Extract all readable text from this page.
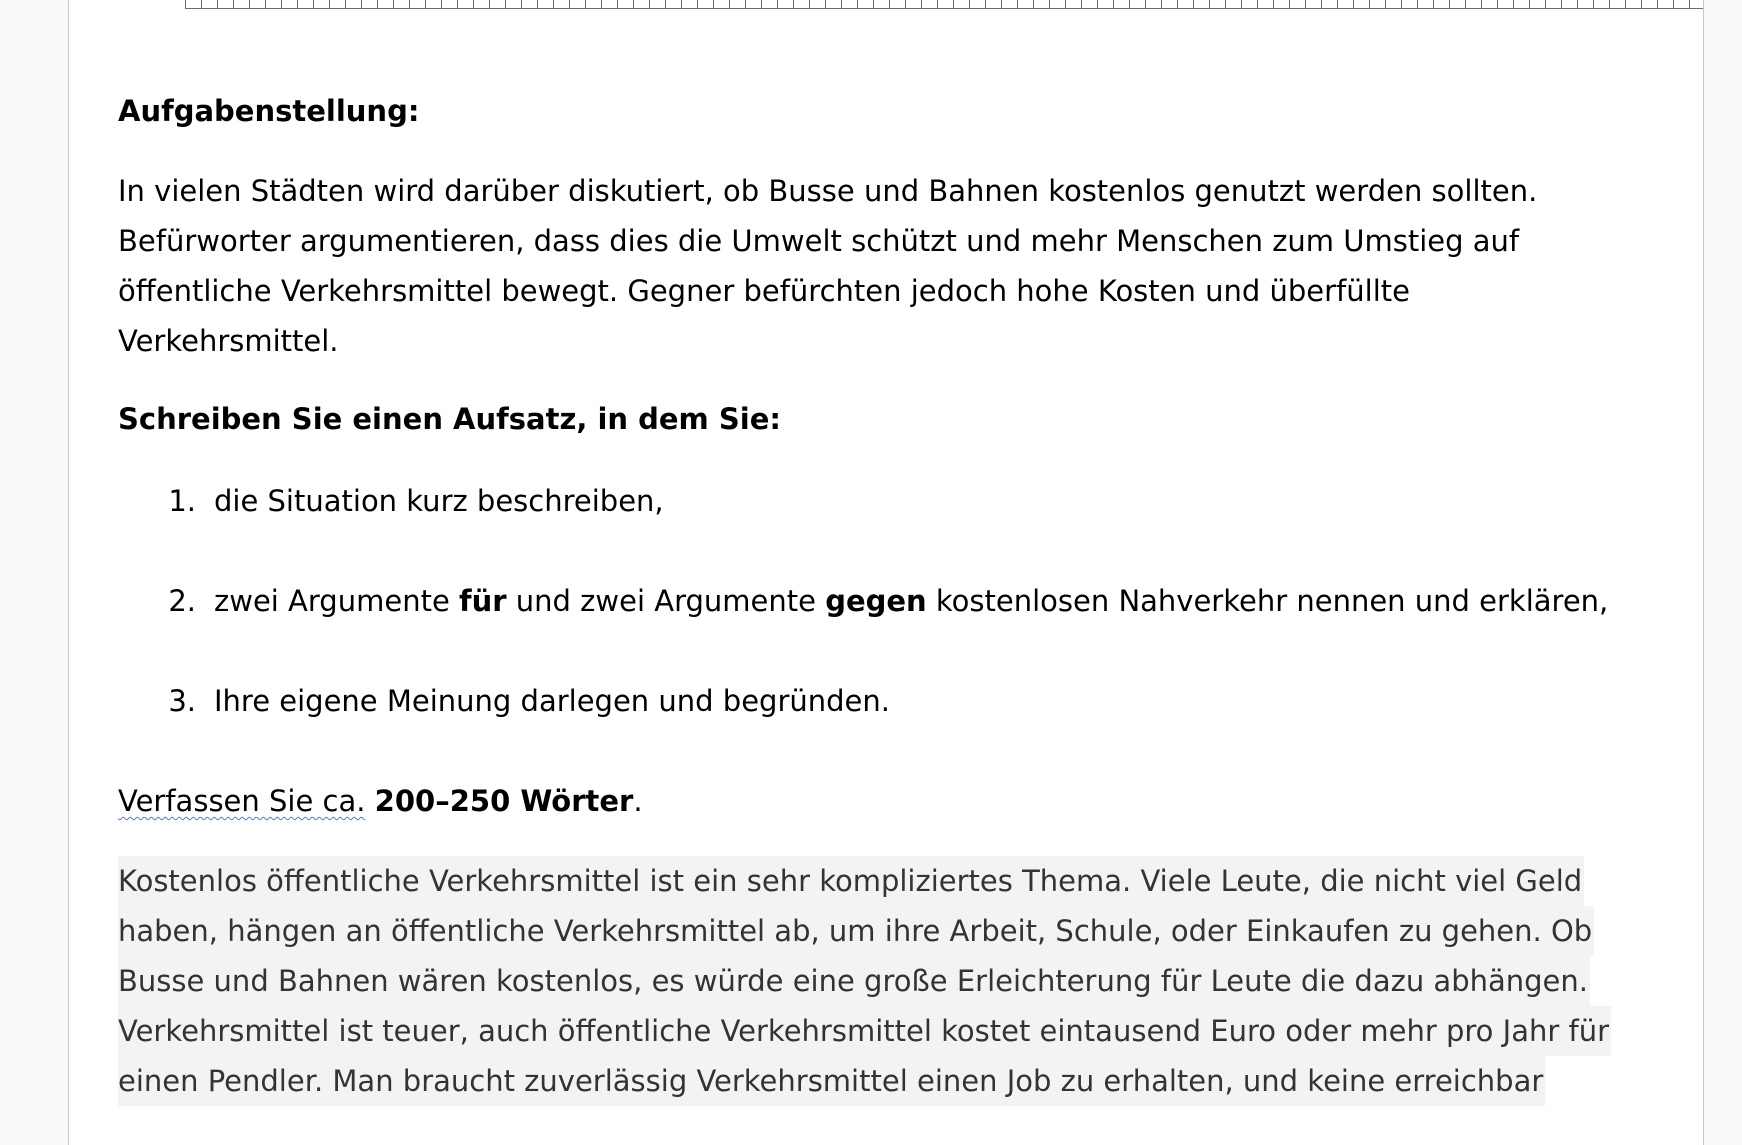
Aufgabenstellung:
In vielen Städten wird darüber diskutiert, ob Busse und Bahnen kostenlos genutzt werden sollten. Befürworter argumentieren, dass dies die Umwelt schützt und mehr Menschen zum Umstieg auf öffentliche Verkehrsmittel bewegt. Gegner befürchten jedoch hohe Kosten und überfüllte Verkehrsmittel.
Schreiben Sie einen Aufsatz, in dem Sie:
1. die Situation kurz beschreiben,
2. zwei Argumente für und zwei Argumente gegen kostenlosen Nahverkehr nennen und erklären,
3. Ihre eigene Meinung darlegen und begründen.
Verfassen Sie ca. 200–250 Wörter.
Kostenlos öffentliche Verkehrsmittel ist ein sehr kompliziertes Thema. Viele Leute, die nicht viel Geld
haben, hängen an öffentliche Verkehrsmittel ab, um ihre Arbeit, Schule, oder Einkaufen zu gehen. Ob
Busse und Bahnen wären kostenlos, es würde eine große Erleichterung für Leute die dazu abhängen.
Verkehrsmittel ist teuer, auch öffentliche Verkehrsmittel kostet eintausend Euro oder mehr pro Jahr für
einen Pendler. Man braucht zuverlässig Verkehrsmittel einen Job zu erhalten, und keine erreichbar
